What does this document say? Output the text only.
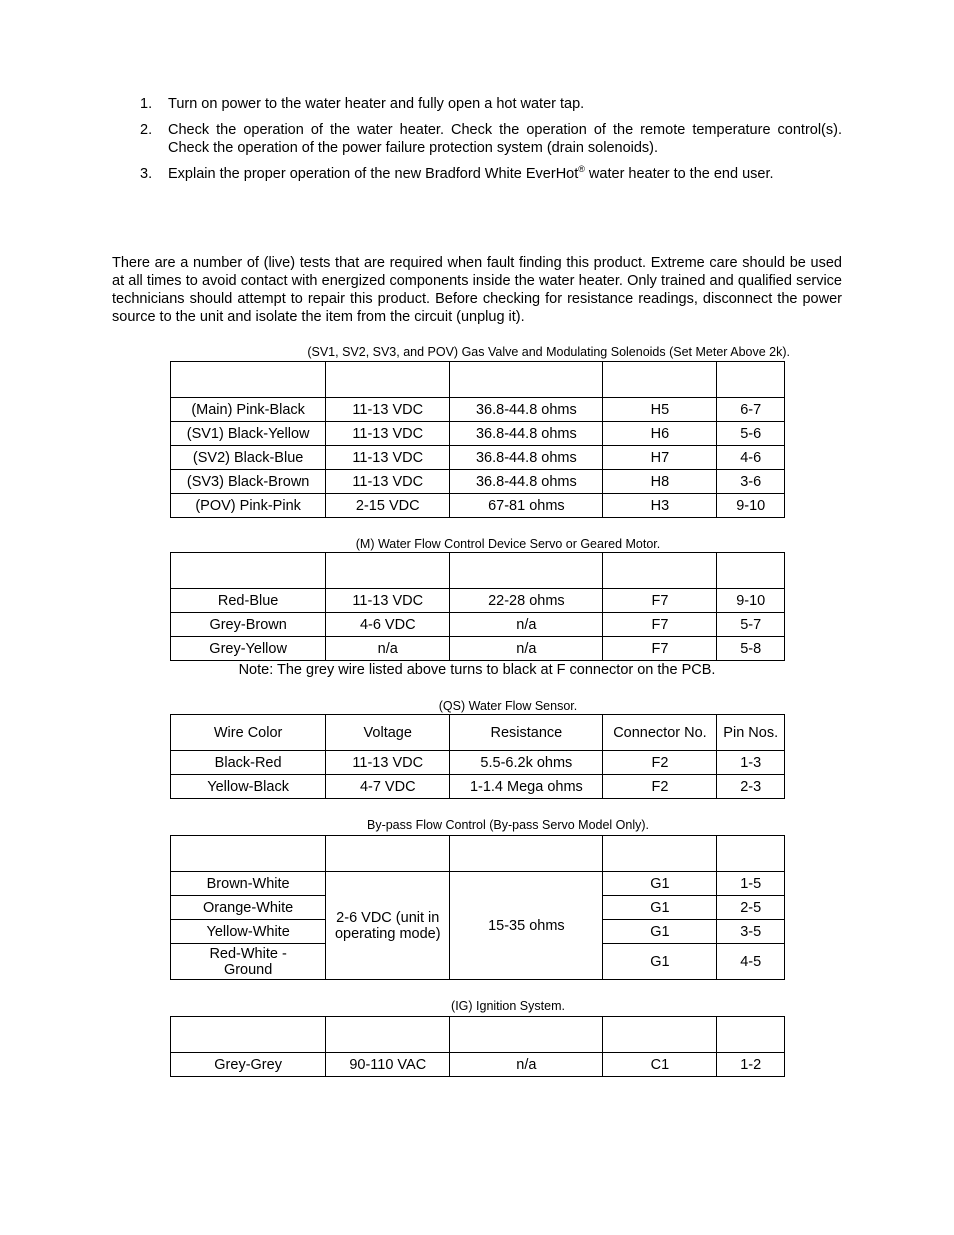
1. Turn on power to the water heater and fully open a hot water tap.
2. Check the operation of the water heater. Check the operation of the remote temperature control(s). Check the operation of the power failure protection system (drain solenoids).
3. Explain the proper operation of the new Bradford White EverHot® water heater to the end user.

There are a number of (live) tests that are required when fault finding this product. Extreme care should be used at all times to avoid contact with energized components inside the water heater. Only trained and qualified service technicians should attempt to repair this product. Before checking for resistance readings, disconnect the power source to the unit and isolate the item from the circuit (unplug it).

(SV1, SV2, SV3, and POV) Gas Valve and Modulating Solenoids (Set Meter Above 2k).

(Main) Pink-Black	11-13 VDC	36.8-44.8 ohms	H5	6-7
(SV1) Black-Yellow	11-13 VDC	36.8-44.8 ohms	H6	5-6
(SV2) Black-Blue	11-13 VDC	36.8-44.8 ohms	H7	4-6
(SV3) Black-Brown	11-13 VDC	36.8-44.8 ohms	H8	3-6
(POV) Pink-Pink	2-15 VDC	67-81 ohms	H3	9-10
(M) Water Flow Control Device Servo or Geared Motor.

Red-Blue	11-13 VDC	22-28 ohms	F7	9-10
Grey-Brown	4-6 VDC	n/a	F7	5-7
Grey-Yellow	n/a	n/a	F7	5-8
Note: The grey wire listed above turns to black at F connector on the PCB.
(QS) Water Flow Sensor.
Wire Color	Voltage	Resistance	Connector No.	Pin Nos.
Black-Red	11-13 VDC	5.5-6.2k ohms	F2	1-3
Yellow-Black	4-7 VDC	1-1.4 Mega ohms	F2	2-3
By-pass Flow Control (By-pass Servo Model Only).

Brown-White	2-6 VDC (unit in operating mode)	15-35 ohms	G1	1-5
Orange-White			G1	2-5
Yellow-White			G1	3-5
Red-White - Ground			G1	4-5
(IG) Ignition System.

Grey-Grey	90-110 VAC	n/a	C1	1-2
